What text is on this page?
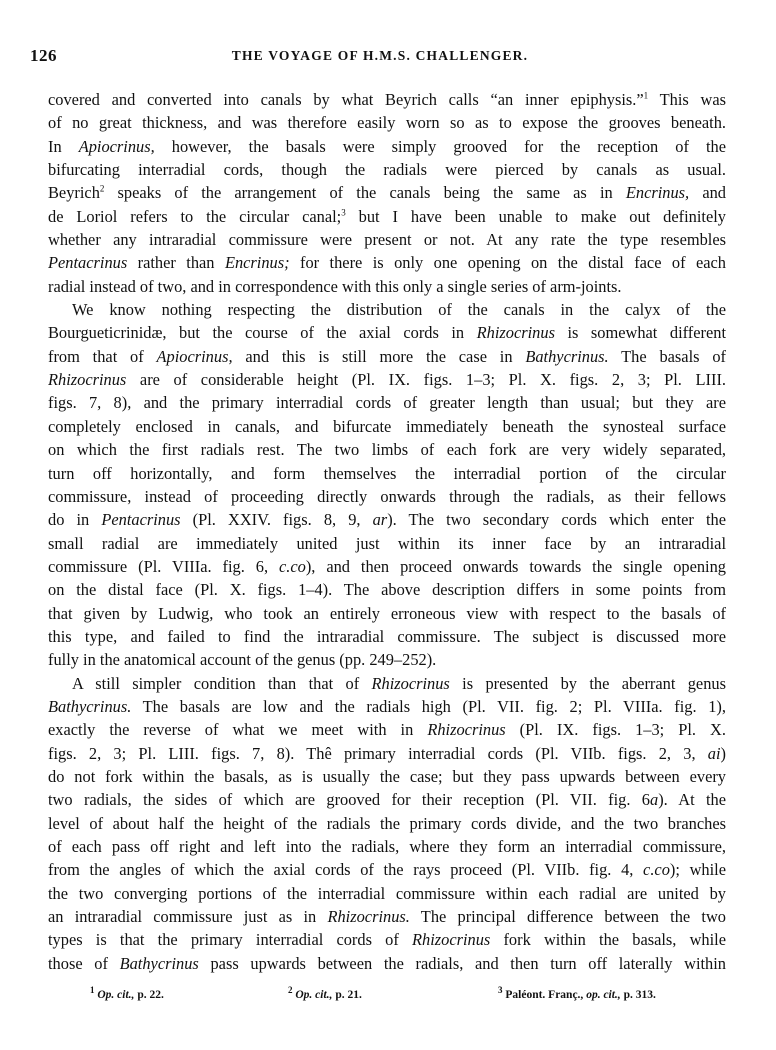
126	THE VOYAGE OF H.M.S. CHALLENGER.
covered and converted into canals by what Beyrich calls “an inner epiphysis.”$^1$ This was
of no great thickness, and was therefore easily worn so as to expose the grooves beneath.
In Apiocrinus, however, the basals were simply grooved for the reception of the
bifurcating interradial cords, though the radials were pierced by canals as usual.
Beyrich$^2$ speaks of the arrangement of the canals being the same as in Encrinus, and
de Loriol refers to the circular canal;$^3$ but I have been unable to make out definitely
whether any intraradial commissure were present or not. At any rate the type resembles
Pentacrinus rather than Encrinus; for there is only one opening on the distal face of each
radial instead of two, and in correspondence with this only a single series of arm-joints.
We know nothing respecting the distribution of the canals in the calyx of the
Bourgueticrinidæ, but the course of the axial cords in Rhizocrinus is somewhat different
from that of Apiocrinus, and this is still more the case in Bathycrinus. The basals of
Rhizocrinus are of considerable height (Pl. IX. figs. 1–3; Pl. X. figs. 2, 3; Pl. LIII.
figs. 7, 8), and the primary interradial cords of greater length than usual; but they are
completely enclosed in canals, and bifurcate immediately beneath the synosteal surface
on which the first radials rest. The two limbs of each fork are very widely separated,
turn off horizontally, and form themselves the interradial portion of the circular
commissure, instead of proceeding directly onwards through the radials, as their fellows
do in Pentacrinus (Pl. XXIV. figs. 8, 9, ar). The two secondary cords which enter the
small radial are immediately united just within its inner face by an intraradial
commissure (Pl. VIIIa. fig. 6, c.co), and then proceed onwards towards the single opening
on the distal face (Pl. X. figs. 1–4). The above description differs in some points from
that given by Ludwig, who took an entirely erroneous view with respect to the basals of
this type, and failed to find the intraradial commissure. The subject is discussed more
fully in the anatomical account of the genus (pp. 249–252).
A still simpler condition than that of Rhizocrinus is presented by the aberrant genus
Bathycrinus. The basals are low and the radials high (Pl. VII. fig. 2; Pl. VIIIa. fig. 1),
exactly the reverse of what we meet with in Rhizocrinus (Pl. IX. figs. 1–3; Pl. X.
figs. 2, 3; Pl. LIII. figs. 7, 8). Thê primary interradial cords (Pl. VIIb. figs. 2, 3, ai)
do not fork within the basals, as is usually the case; but they pass upwards between every
two radials, the sides of which are grooved for their reception (Pl. VII. fig. 6a). At the
level of about half the height of the radials the primary cords divide, and the two branches
of each pass off right and left into the radials, where they form an interradial commissure,
from the angles of which the axial cords of the rays proceed (Pl. VIIb. fig. 4, c.co); while
the two converging portions of the interradial commissure within each radial are united by
an intraradial commissure just as in Rhizocrinus. The principal difference between the two
types is that the primary interradial cords of Rhizocrinus fork within the basals, while
those of Bathycrinus pass upwards between the radials, and then turn off laterally within
$^1$ Op. cit., p. 22.	$^2$ Op. cit., p. 21.	$^3$ Paléont. Franç., op. cit., p. 313.
